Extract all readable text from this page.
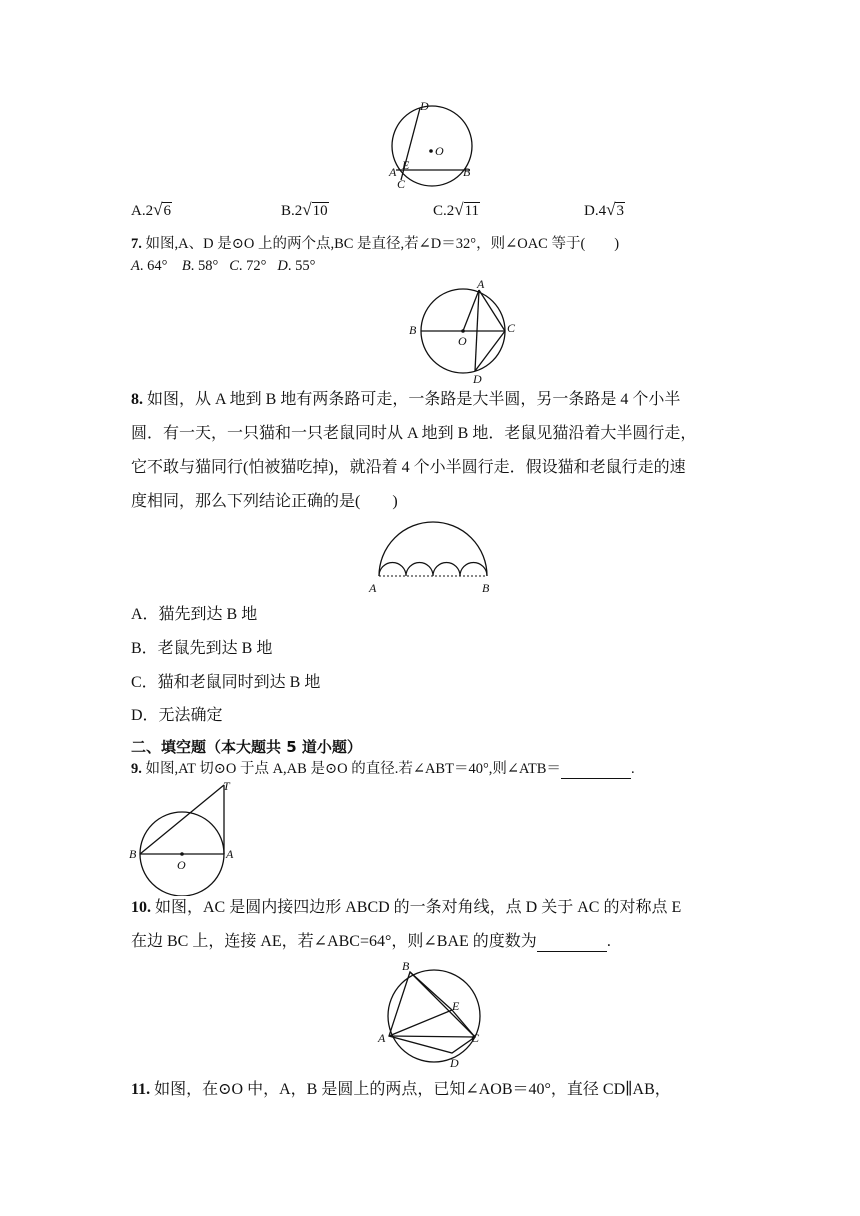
D
O
E
A
C
B
A.2√6	B.2√10	C.2√11	D.4√3
7. 如图,A、D 是⊙O 上的两个点,BC 是直径,若∠D＝32°，则∠OAC 等于(　　)
A. 64° B. 58° C. 72° D. 55°
A
B	C
D
O
8. 如图，从 A 地到 B 地有两条路可走，一条路是大半圆，另一条路是 4 个小半
圆．有一天，一只猫和一只老鼠同时从 A 地到 B 地．老鼠见猫沿着大半圆行走，
它不敢与猫同行(怕被猫吃掉)，就沿着 4 个小半圆行走．假设猫和老鼠行走的速
度相同，那么下列结论正确的是(　　)
A	B
A．猫先到达 B 地
B．老鼠先到达 B 地
C．猫和老鼠同时到达 B 地
D．无法确定
二、填空题（本大题共 5 道小题）
9. 如图,AT 切⊙O 于点 A,AB 是⊙O 的直径.若∠ABT＝40°,则∠ATB＝	.
T
B
O
A
10. 如图，AC 是圆内接四边形 ABCD 的一条对角线，点 D 关于 AC 的对称点 E
在边 BC 上，连接 AE，若∠ABC=64°，则∠BAE 的度数为	.
B
E
A	C
D
11. 如图，在⊙O 中，A，B 是圆上的两点，已知∠AOB＝40°，直径 CD∥AB，
